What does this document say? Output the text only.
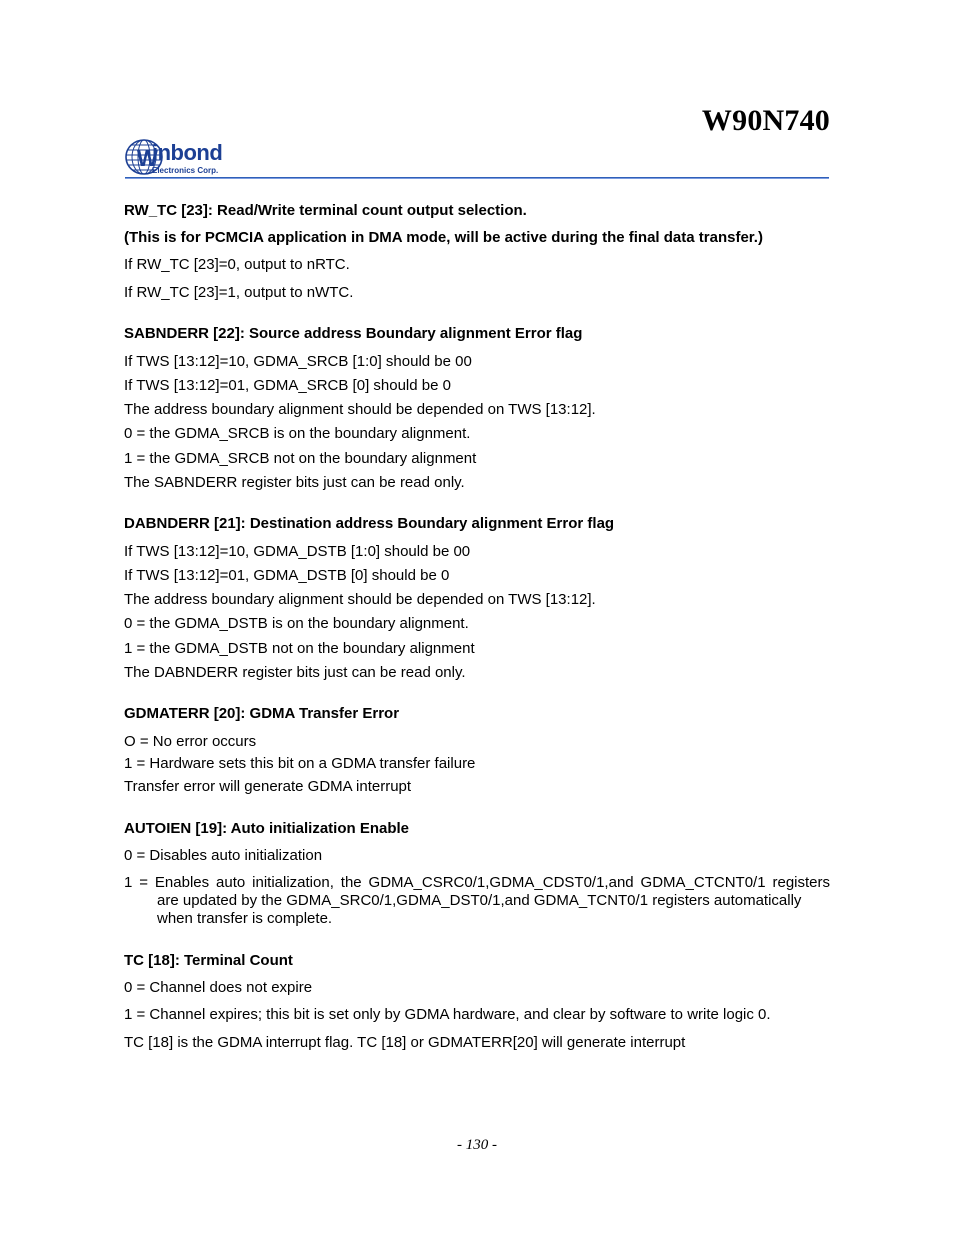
W90N740
W
inbond
Electronics Corp.
RW_TC [23]: Read/Write terminal count output selection.
(This is for PCMCIA application in DMA mode, will be active during the final data transfer.)
If RW_TC [23]=0, output to nRTC.
If RW_TC [23]=1, output to nWTC.
SABNDERR [22]: Source address Boundary alignment Error flag
If TWS [13:12]=10, GDMA_SRCB [1:0] should be 00
If TWS [13:12]=01, GDMA_SRCB [0] should be 0
The address boundary alignment should be depended on TWS [13:12].
0 = the GDMA_SRCB is on the boundary alignment.
1 = the GDMA_SRCB not on the boundary alignment
The SABNDERR register bits just can be read only.
DABNDERR [21]: Destination address Boundary alignment Error flag
If TWS [13:12]=10, GDMA_DSTB [1:0] should be 00
If TWS [13:12]=01, GDMA_DSTB [0] should be 0
The address boundary alignment should be depended on TWS [13:12].
0 = the GDMA_DSTB is on the boundary alignment.
1 = the GDMA_DSTB not on the boundary alignment
The DABNDERR register bits just can be read only.
GDMATERR [20]: GDMA Transfer Error
O = No error occurs
1 = Hardware sets this bit on a GDMA transfer failure
Transfer error will generate GDMA interrupt
AUTOIEN [19]: Auto initialization Enable
0 = Disables auto initialization
1 = Enables auto initialization, the GDMA_CSRC0/1,GDMA_CDST0/1,and GDMA_CTCNT0/1 registers
are updated by the GDMA_SRC0/1,GDMA_DST0/1,and GDMA_TCNT0/1 registers automatically
when transfer is complete.
TC [18]: Terminal Count
0 = Channel does not expire
1 = Channel expires; this bit is set only by GDMA hardware, and clear by software to write logic 0.
TC [18] is the GDMA interrupt flag. TC [18] or GDMATERR[20] will generate interrupt
- 130 -
